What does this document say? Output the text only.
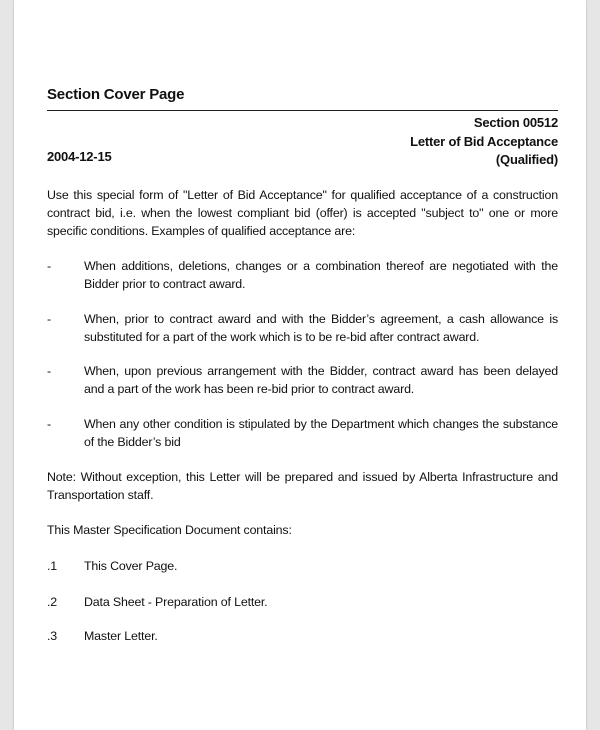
Section Cover Page
Section 00512
Letter of Bid Acceptance
(Qualified)
2004-12-15
Use this special form of "Letter of Bid Acceptance" for qualified acceptance of a construction contract bid, i.e. when the lowest compliant bid (offer) is accepted "subject to" one or more specific conditions. Examples of qualified acceptance are:
-	When additions, deletions, changes or a combination thereof are negotiated with the Bidder prior to contract award.
-	When, prior to contract award and with the Bidder’s agreement, a cash allowance is substituted for a part of the work which is to be re-bid after contract award.
-	When, upon previous arrangement with the Bidder, contract award has been delayed and a part of the work has been re-bid prior to contract award.
-	When any other condition is stipulated by the Department which changes the substance of the Bidder’s bid
Note: Without exception, this Letter will be prepared and issued by Alberta Infrastructure and Transportation staff.
This Master Specification Document contains:
.1 This Cover Page.
.2 Data Sheet - Preparation of Letter.
.3 Master Letter.
